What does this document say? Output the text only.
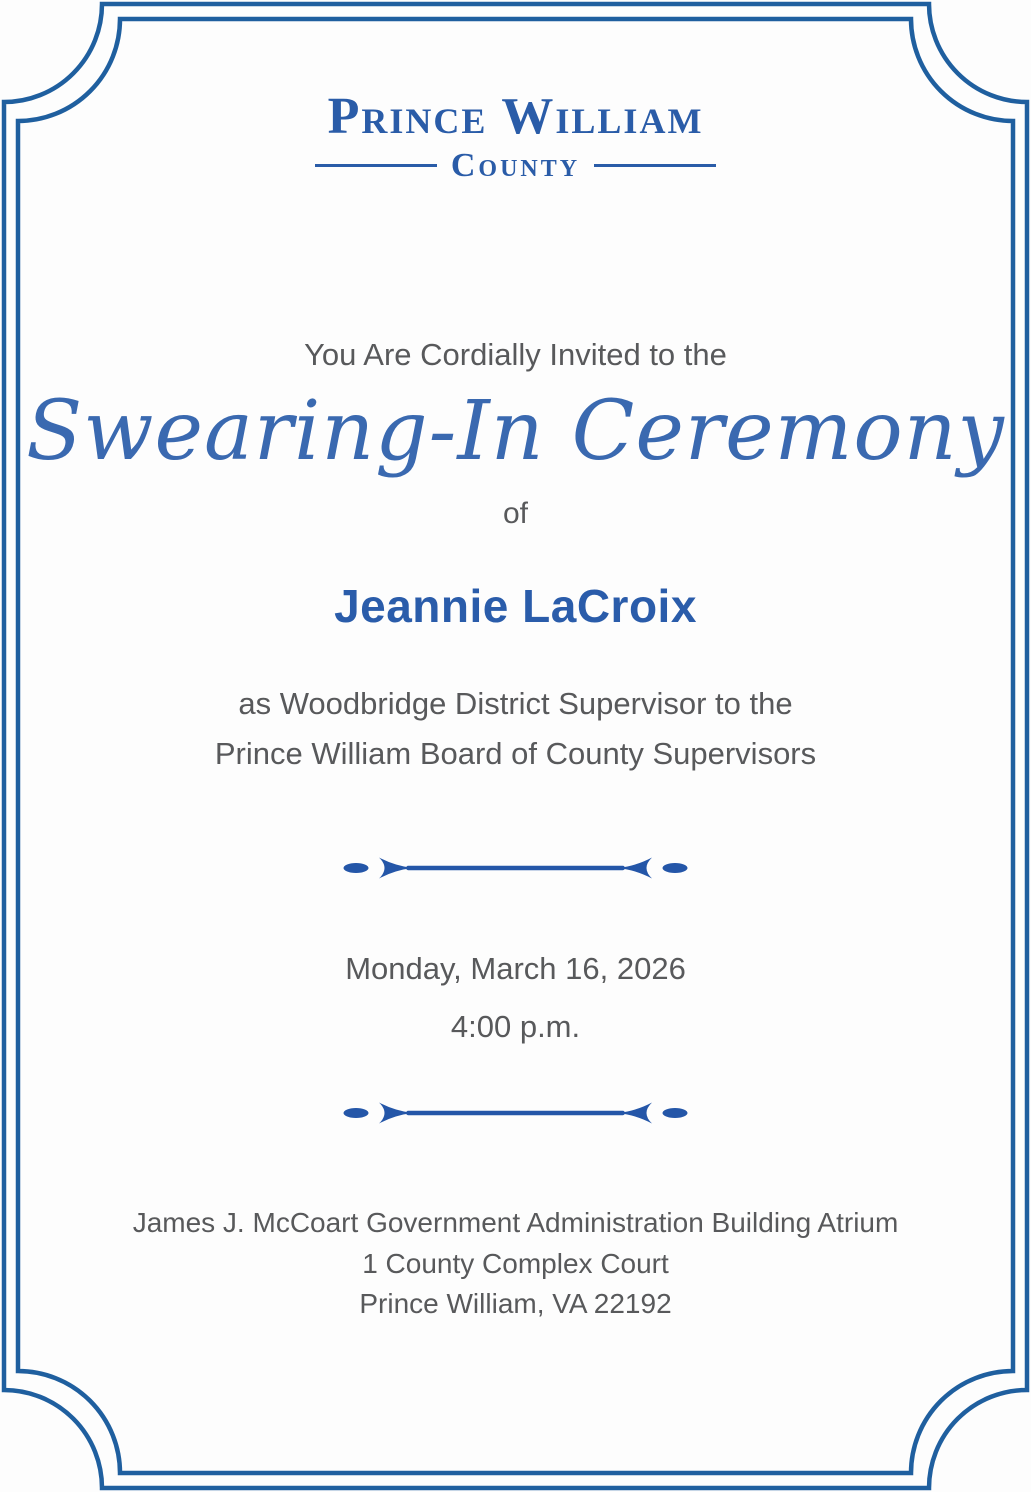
Prince William
County
You Are Cordially Invited to the
Swearing-In Ceremony
of
Jeannie LaCroix
as Woodbridge District Supervisor to the
Prince William Board of County Supervisors
Monday, March 16, 2026
4:00 p.m.
James J. McCoart Government Administration Building Atrium
1 County Complex Court
Prince William, VA 22192
